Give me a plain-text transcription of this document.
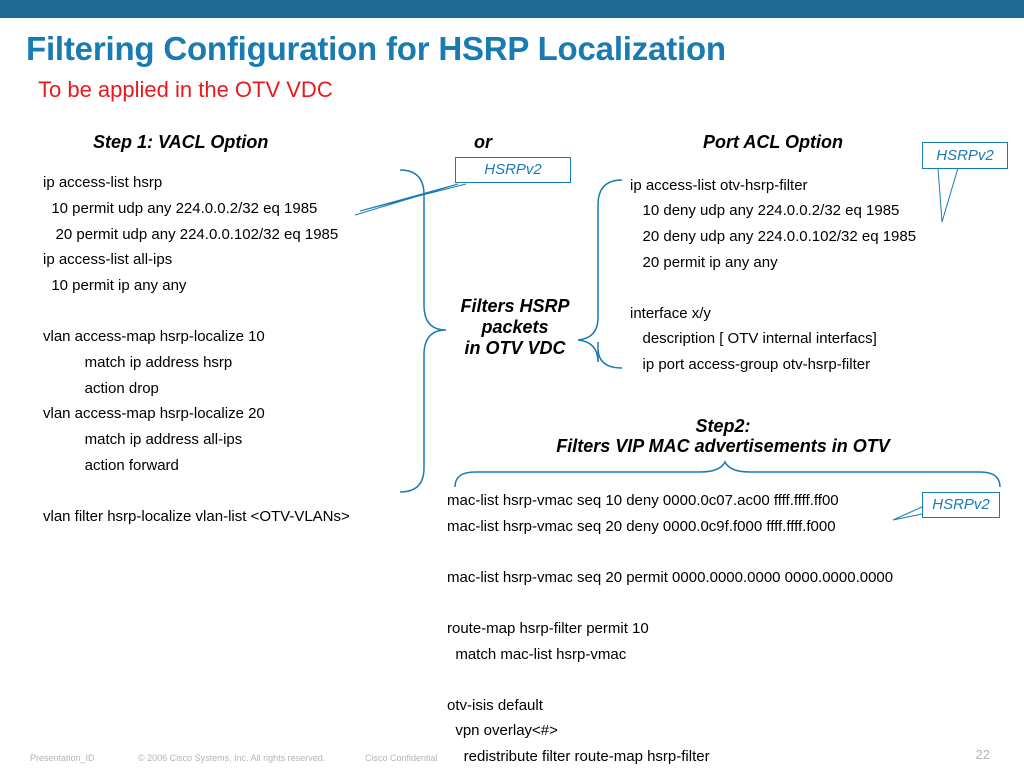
Filtering Configuration for HSRP Localization
To be applied in the OTV VDC
Step 1: VACL Option	or	Port ACL Option
ip access-list hsrp
10 permit udp any 224.0.0.2/32 eq 1985
20 permit udp any 224.0.0.102/32 eq 1985
ip access-list all-ips
10 permit ip any any
vlan access-map hsrp-localize 10
match ip address hsrp
action drop
vlan access-map hsrp-localize 20
match ip address all-ips
action forward
vlan filter hsrp-localize vlan-list <OTV-VLANs>
ip access-list otv-hsrp-filter
10 deny udp any 224.0.0.2/32 eq 1985
20 deny udp any 224.0.0.102/32 eq 1985
20 permit ip any any
interface x/y
description [ OTV internal interfacs]
ip port access-group otv-hsrp-filter
Filters HSRP
packets
in OTV VDC
Step2:
Filters VIP MAC advertisements in OTV
mac-list hsrp-vmac seq 10 deny 0000.0c07.ac00 ffff.ffff.ff00
mac-list hsrp-vmac seq 20 deny 0000.0c9f.f000 ffff.ffff.f000
mac-list hsrp-vmac seq 20 permit 0000.0000.0000 0000.0000.0000
route-map hsrp-filter permit 10
match mac-list hsrp-vmac
otv-isis default
vpn overlay<#>
redistribute filter route-map hsrp-filter
HSRPv2
HSRPv2
HSRPv2
Presentation_ID	© 2006 Cisco Systems, Inc. All rights reserved.	Cisco Confidential	22
